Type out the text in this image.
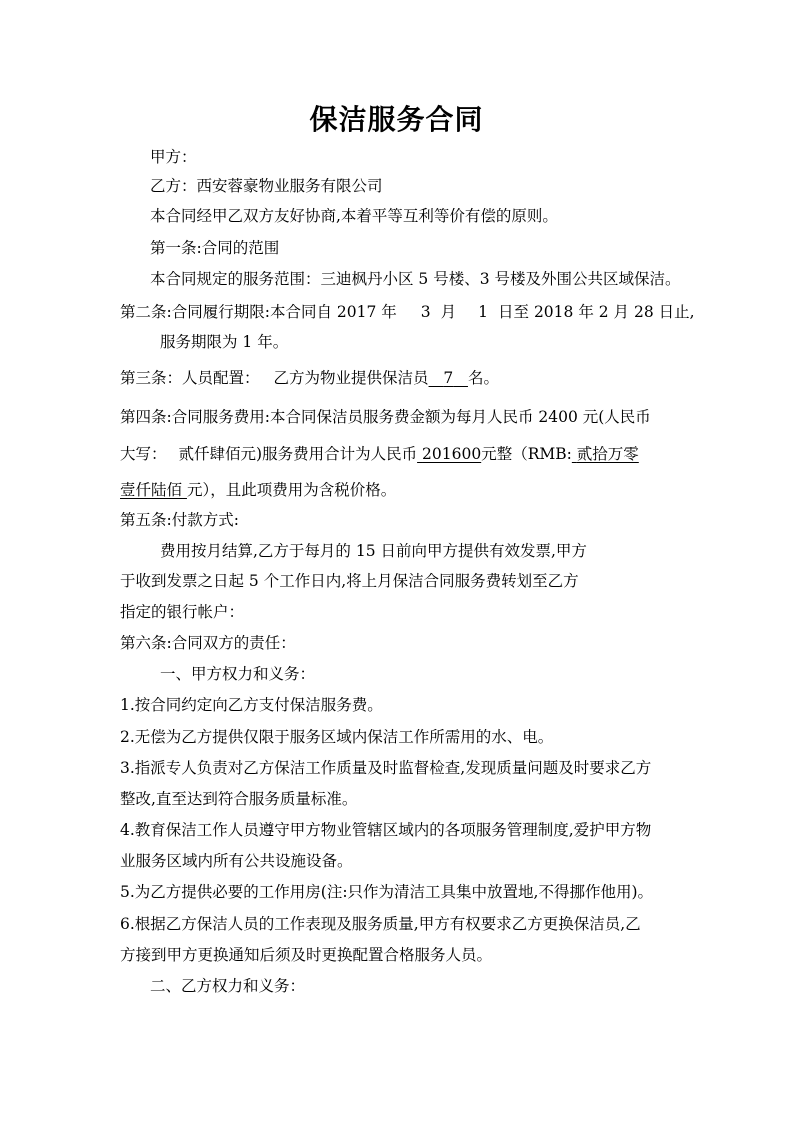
保洁服务合同
甲方：
乙方：西安蓉豪物业服务有限公司
本合同经甲乙双方友好协商,本着平等互利等价有偿的原则。
第一条:合同的范围
本合同规定的服务范围：三迪枫丹小区 5 号楼、3 号楼及外围公共区域保洁。
第二条:合同履行期限:本合同自 2017 年 3 月 1 日至 2018 年 2 月 28 日止,
服务期限为 1 年。
第三条：人员配置： 乙方为物业提供保洁员 7 名。
第四条:合同服务费用:本合同保洁员服务费金额为每月人民币 2400 元(人民币
大写： 贰仟肆佰元)服务费用合计为人民币 201600元整（RMB: 贰拾万零
壹仟陆佰 元），且此项费用为含税价格。
第五条:付款方式:
费用按月结算,乙方于每月的 15 日前向甲方提供有效发票,甲方
于收到发票之日起 5 个工作日内,将上月保洁合同服务费转划至乙方
指定的银行帐户：
第六条:合同双方的责任：
一、甲方权力和义务：
1.按合同约定向乙方支付保洁服务费。
2.无偿为乙方提供仅限于服务区域内保洁工作所需用的水、电。
3.指派专人负责对乙方保洁工作质量及时监督检查,发现质量问题及时要求乙方
整改,直至达到符合服务质量标准。
4.教育保洁工作人员遵守甲方物业管辖区域内的各项服务管理制度,爱护甲方物
业服务区域内所有公共设施设备。
5.为乙方提供必要的工作用房(注:只作为清洁工具集中放置地,不得挪作他用)。
6.根据乙方保洁人员的工作表现及服务质量,甲方有权要求乙方更换保洁员,乙
方接到甲方更换通知后须及时更换配置合格服务人员。
二、乙方权力和义务：
